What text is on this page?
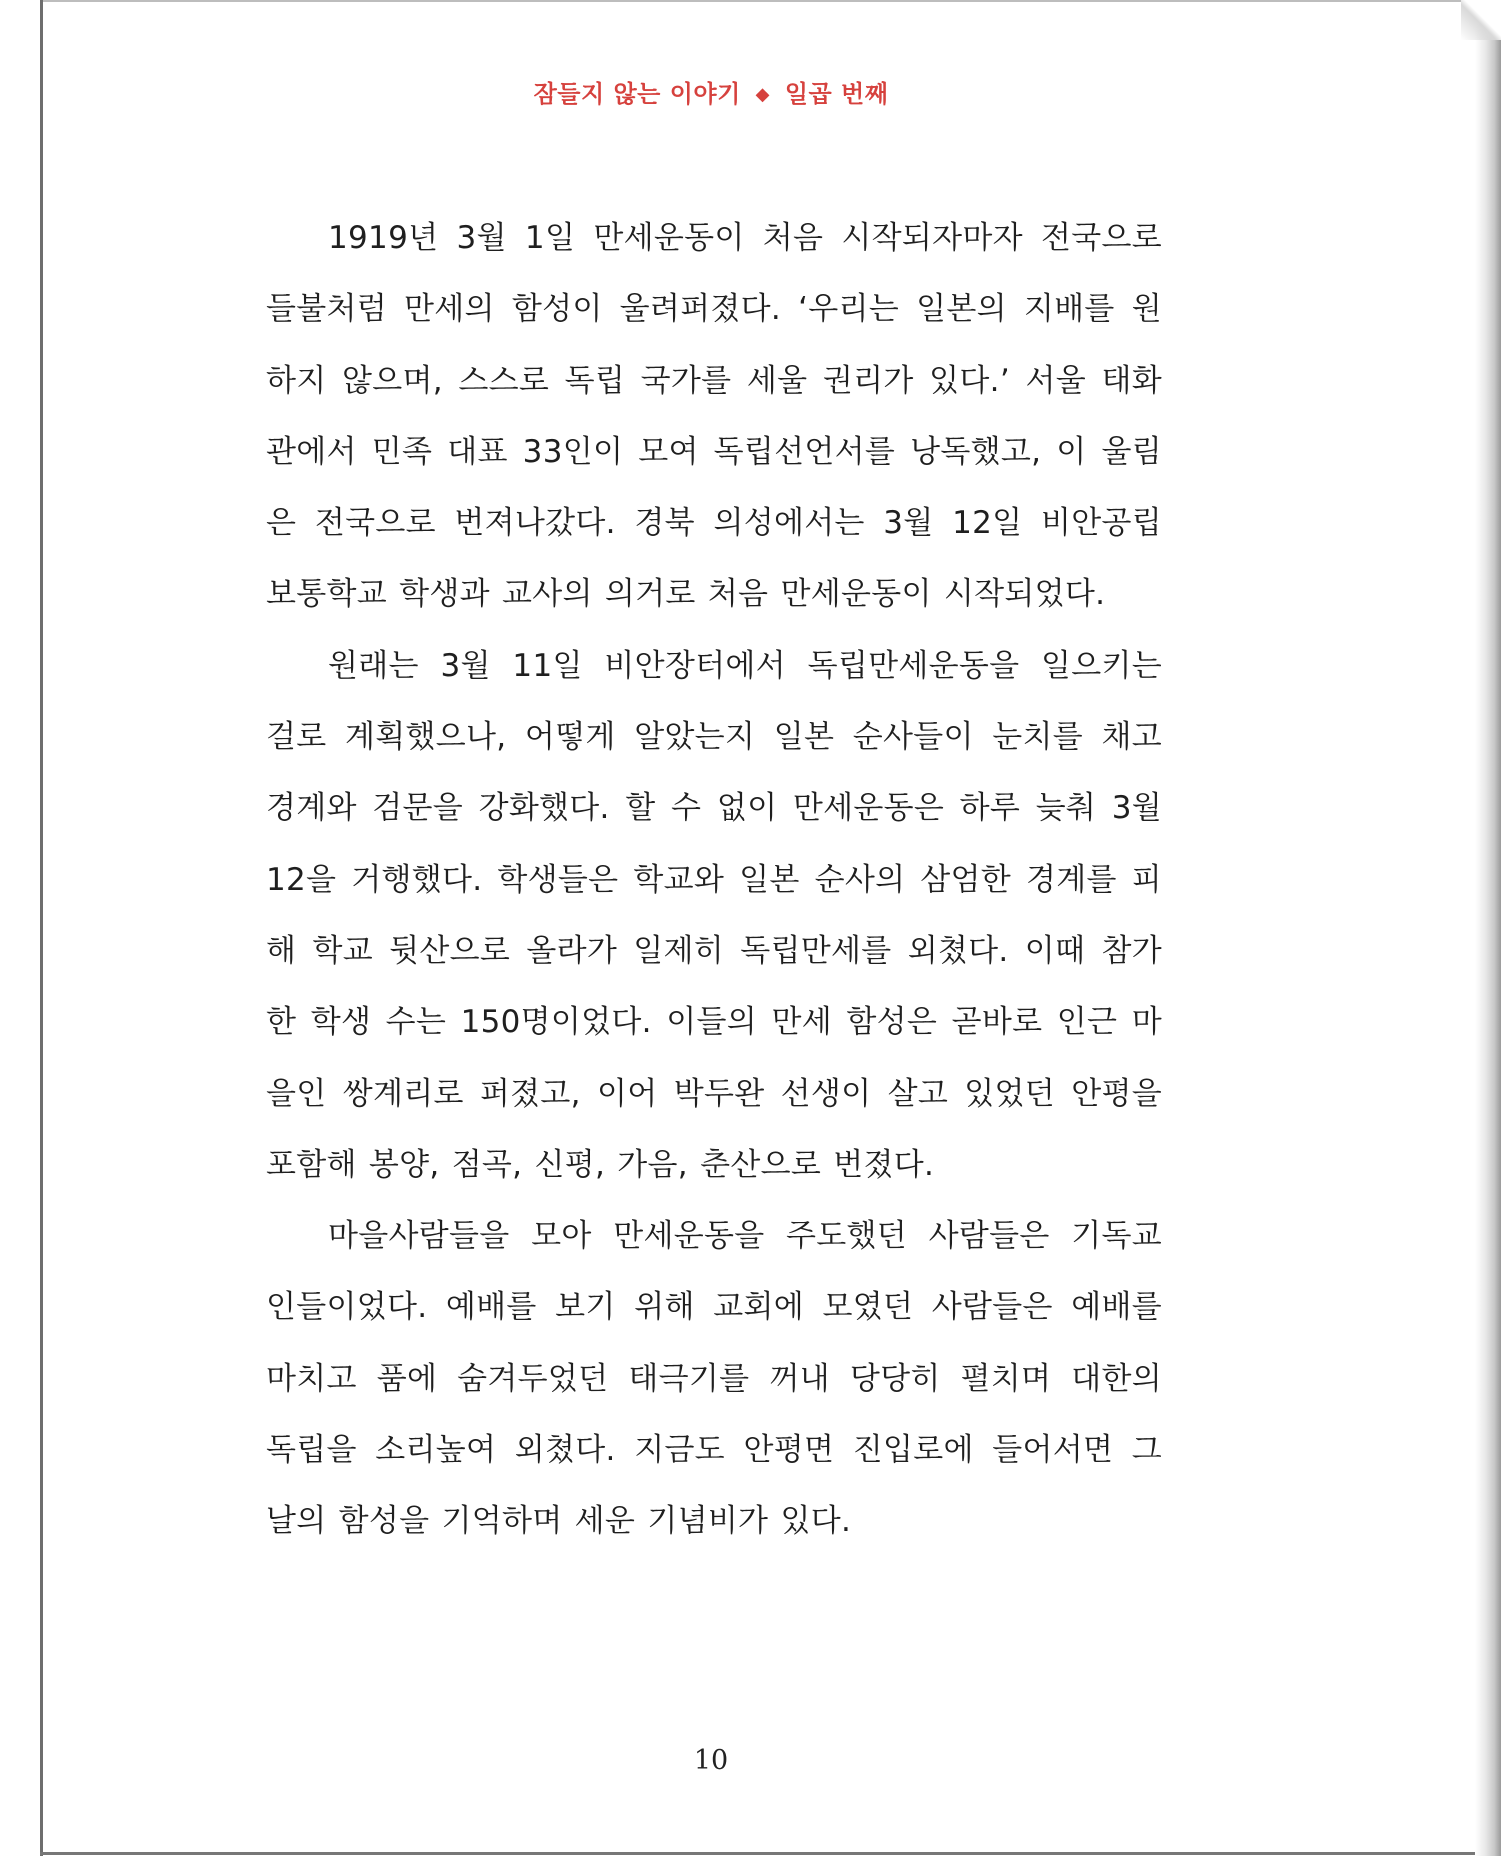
잠들지 않는 이야기 ◆ 일곱 번째
1919년 3월 1일 만세운동이 처음 시작되자마자 전국으로
들불처럼 만세의 함성이 울려퍼졌다. ‘우리는 일본의 지배를 원
하지 않으며, 스스로 독립 국가를 세울 권리가 있다.’ 서울 태화
관에서 민족 대표 33인이 모여 독립선언서를 낭독했고, 이 울림
은 전국으로 번져나갔다. 경북 의성에서는 3월 12일 비안공립
보통학교 학생과 교사의 의거로 처음 만세운동이 시작되었다.
원래는 3월 11일 비안장터에서 독립만세운동을 일으키는
걸로 계획했으나, 어떻게 알았는지 일본 순사들이 눈치를 채고
경계와 검문을 강화했다. 할 수 없이 만세운동은 하루 늦춰 3월
12을 거행했다. 학생들은 학교와 일본 순사의 삼엄한 경계를 피
해 학교 뒷산으로 올라가 일제히 독립만세를 외쳤다. 이때 참가
한 학생 수는 150명이었다. 이들의 만세 함성은 곧바로 인근 마
을인 쌍계리로 퍼졌고, 이어 박두완 선생이 살고 있었던 안평을
포함해 봉양, 점곡, 신평, 가음, 춘산으로 번졌다.
마을사람들을 모아 만세운동을 주도했던 사람들은 기독교
인들이었다. 예배를 보기 위해 교회에 모였던 사람들은 예배를
마치고 품에 숨겨두었던 태극기를 꺼내 당당히 펼치며 대한의
독립을 소리높여 외쳤다. 지금도 안평면 진입로에 들어서면 그
날의 함성을 기억하며 세운 기념비가 있다.
10
